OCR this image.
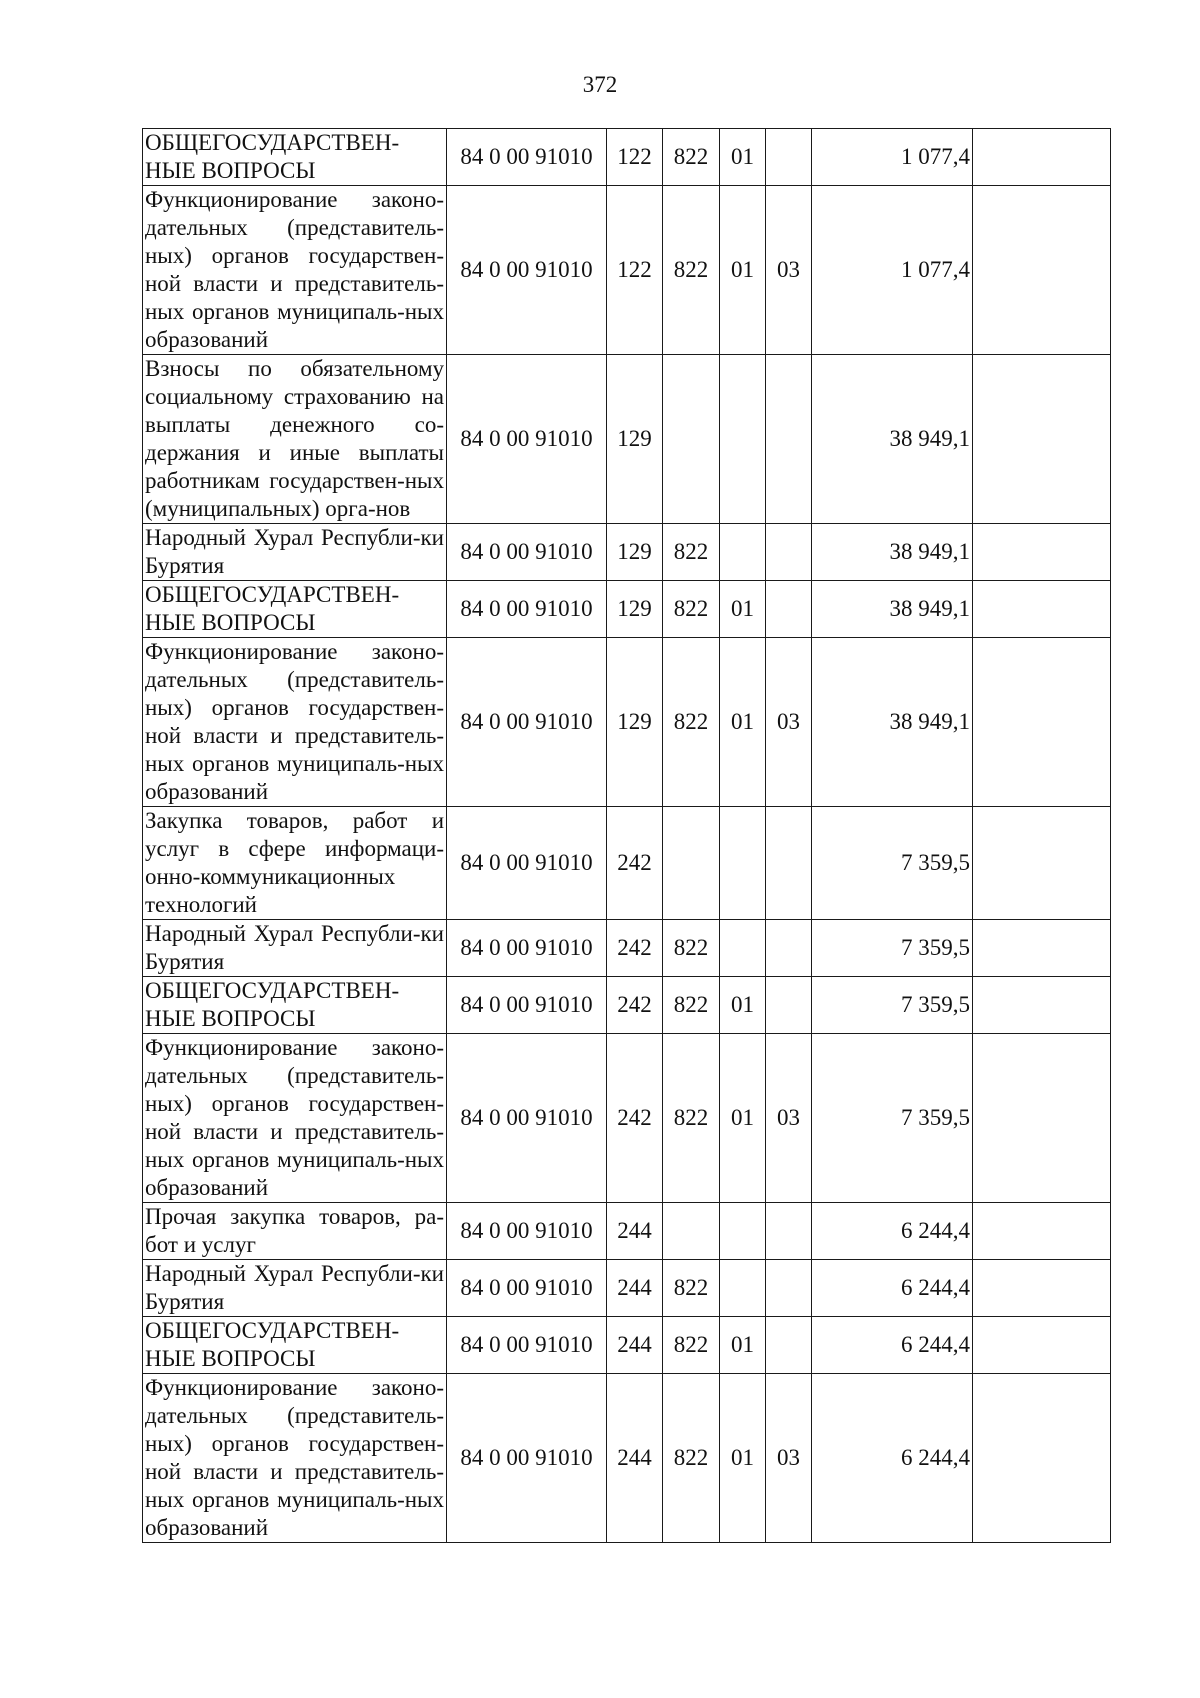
372
ОБЩЕГОСУДАРСТВЕН-НЫЕ ВОПРОСЫ	84 0 00 91010	122	822	01		1 077,4	
Функционирование законо-дательных (представитель-ных) органов государствен-ной власти и представитель-ных органов муниципаль-ных образований	84 0 00 91010	122	822	01	03	1 077,4	
Взносы по обязательному социальному страхованию на выплаты денежного со-держания и иные выплаты работникам государствен-ных (муниципальных) орга-нов	84 0 00 91010	129				38 949,1	
Народный Хурал Республи-ки Бурятия	84 0 00 91010	129	822			38 949,1	
ОБЩЕГОСУДАРСТВЕН-НЫЕ ВОПРОСЫ	84 0 00 91010	129	822	01		38 949,1	
Функционирование законо-дательных (представитель-ных) органов государствен-ной власти и представитель-ных органов муниципаль-ных образований	84 0 00 91010	129	822	01	03	38 949,1	
Закупка товаров, работ и услуг в сфере информаци-онно-коммуникационных технологий	84 0 00 91010	242				7 359,5	
Народный Хурал Республи-ки Бурятия	84 0 00 91010	242	822			7 359,5	
ОБЩЕГОСУДАРСТВЕН-НЫЕ ВОПРОСЫ	84 0 00 91010	242	822	01		7 359,5	
Функционирование законо-дательных (представитель-ных) органов государствен-ной власти и представитель-ных органов муниципаль-ных образований	84 0 00 91010	242	822	01	03	7 359,5	
Прочая закупка товаров, ра-бот и услуг	84 0 00 91010	244				6 244,4	
Народный Хурал Республи-ки Бурятия	84 0 00 91010	244	822			6 244,4	
ОБЩЕГОСУДАРСТВЕН-НЫЕ ВОПРОСЫ	84 0 00 91010	244	822	01		6 244,4	
Функционирование законо-дательных (представитель-ных) органов государствен-ной власти и представитель-ных органов муниципаль-ных образований	84 0 00 91010	244	822	01	03	6 244,4	
